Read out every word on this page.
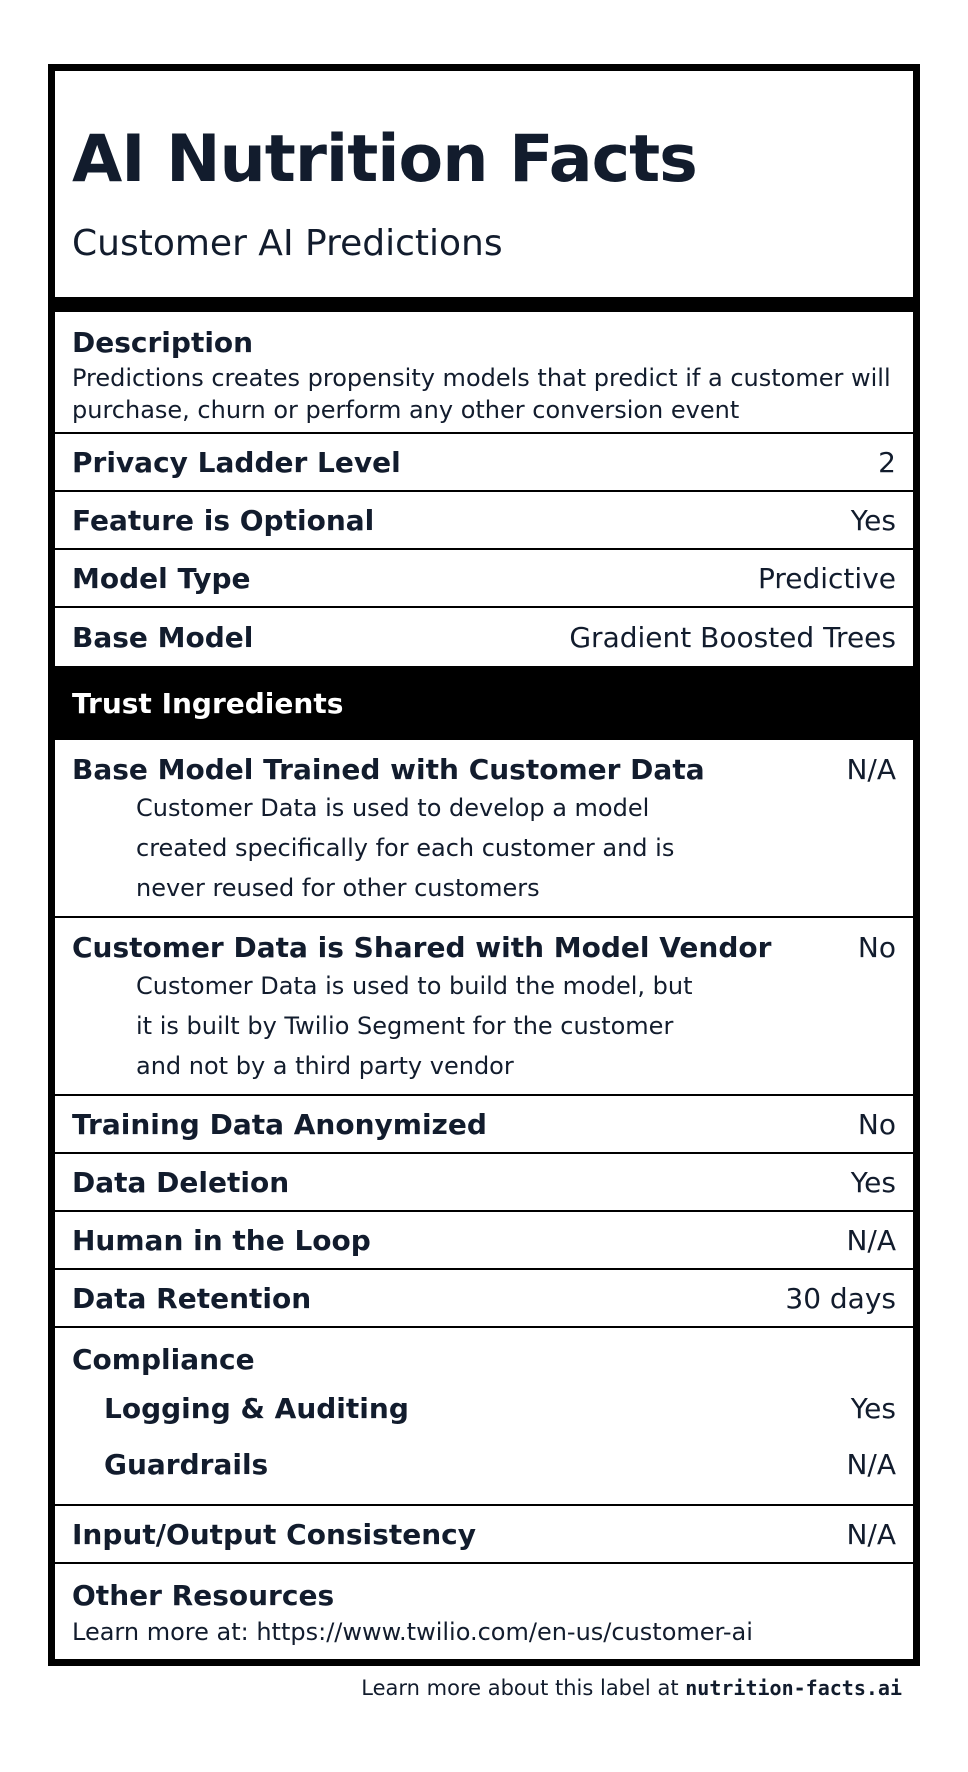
AI Nutrition Facts
Customer AI Predictions
Description
Predictions creates propensity models that predict if a customer will purchase, churn or perform any other conversion event
Privacy Ladder Level	2
Feature is Optional	Yes
Model Type	Predictive
Base Model	Gradient Boosted Trees
Trust Ingredients
Base Model Trained with Customer Data	N/A
Customer Data is used to develop a model created specifically for each customer and is never reused for other customers
Customer Data is Shared with Model Vendor	No
Customer Data is used to build the model, but it is built by Twilio Segment for the customer and not by a third party vendor
Training Data Anonymized	No
Data Deletion	Yes
Human in the Loop	N/A
Data Retention	30 days
Compliance
Logging & Auditing	Yes
Guardrails	N/A
Input/Output Consistency	N/A
Other Resources
Learn more at: https://www.twilio.com/en-us/customer-ai
Learn more about this label at nutrition-facts.ai
